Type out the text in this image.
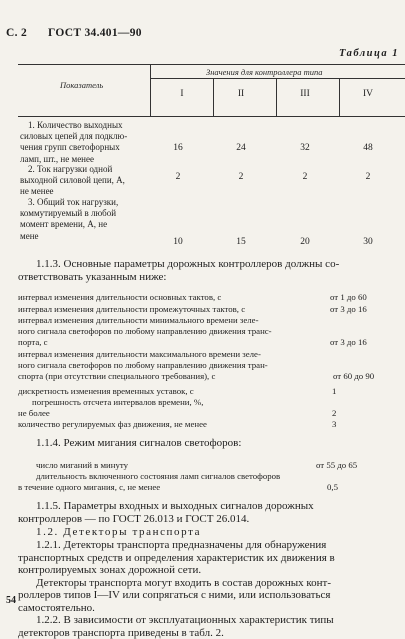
С. 2 ГОСТ 34.401—90
Таблица 1
Показатель
Значения для контроллера типа
I	II	III	IV
1. Количество выходных
силовых цепей для подклю-
чения групп светофорных
ламп, шт., не менее
16	24	32	48
2. Ток нагрузки одной
выходной силовой цепи, А,
не менее
2	2	2	2
3. Общий ток нагрузки,
коммутируемый в любой
момент времени, А, не
мене
10	15	20	30
1.1.3. Основные параметры дорожных контроллеров должны со-
ответствовать указанным ниже:
интервал изменения длительности основных тактов, с	от 1 до 60
интервал изменения длительности промежуточных тактов, с	от 3 до 16
интервал изменения длительности минимального времени зеле-
ного сигнала светофоров по любому направлению движения транс-
порта, с	от 3 до 16
интервал изменения длительности максимального времени зеле-
ного сигнала светофоров по любому направлению движения тран-
спорта (при отсутствии специального требования), с	от 60 до 90
дискретность изменения временных уставок, с	1
погрешность отсчета интервалов времени, %,
не более	2
количество регулируемых фаз движения, не менее	3
1.1.4. Режим мигания сигналов светофоров:
число миганий в минуту	от 55 до 65
длительность включенного состояния ламп сигналов светофоров
в течение одного мигания, с, не менее	0,5
1.1.5. Параметры входных и выходных сигналов дорожных
контроллеров — по ГОСТ 26.013 и ГОСТ 26.014.
1.2. Детекторы транспорта
1.2.1. Детекторы транспорта предназначены для обнаружения
транспортных средств и определения характеристик их движения в
контролируемых зонах дорожной сети.
Детекторы транспорта могут входить в состав дорожных конт-
роллеров типов I—IV или сопрягаться с ними, или использоваться
самостоятельно.
1.2.2. В зависимости от эксплуатационных характеристик типы
детекторов транспорта приведены в табл. 2.
54
